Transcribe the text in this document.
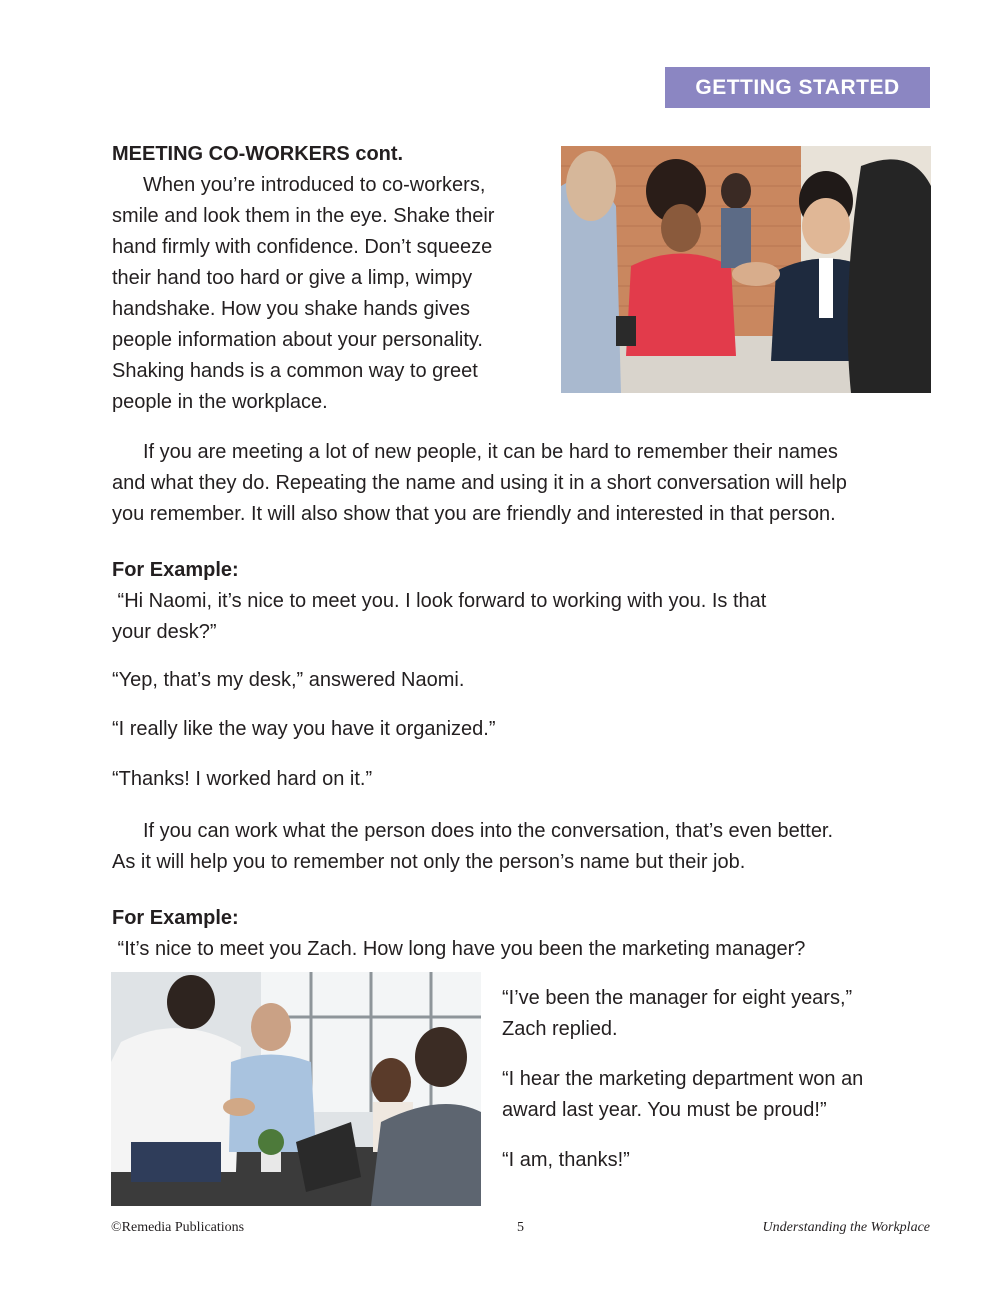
GETTING STARTED

MEETING CO-WORKERS cont.

When you’re introduced to co-workers,

smile and look them in the eye. Shake their

hand firmly with confidence. Don’t squeeze

their hand too hard or give a limp, wimpy

handshake. How you shake hands gives

people information about your personality.

Shaking hands is a common way to greet

people in the workplace.

If you are meeting a lot of new people, it can be hard to remember their names

and what they do. Repeating the name and using it in a short conversation will help

you remember. It will also show that you are friendly and interested in that person.

For Example:

“Hi Naomi, it’s nice to meet you. I look forward to working with you. Is that

your desk?”

“Yep, that’s my desk,” answered Naomi.

“I really like the way you have it organized.”

“Thanks! I worked hard on it.”

If you can work what the person does into the conversation, that’s even better.

As it will help you to remember not only the person’s name but their job.

For Example:

“It’s nice to meet you Zach. How long have you been the marketing manager?

“I’ve been the manager for eight years,”

Zach replied.

“I hear the marketing department won an

award last year. You must be proud!”

“I am, thanks!”

©Remedia Publications	5	Understanding the Workplace
